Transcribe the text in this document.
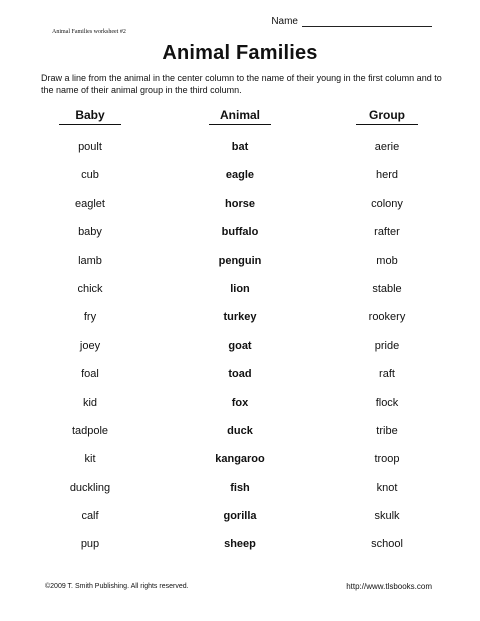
Name
Animal Families worksheet #2
Animal Families
Draw a line from the animal in the center column to the name of their young in the first column and to the name of their animal group in the third column.
Baby
poult
cub
eaglet
baby
lamb
chick
fry
joey
foal
kid
tadpole
kit
duckling
calf
pup
Animal
bat
eagle
horse
buffalo
penguin
lion
turkey
goat
toad
fox
duck
kangaroo
fish
gorilla
sheep
Group
aerie
herd
colony
rafter
mob
stable
rookery
pride
raft
flock
tribe
troop
knot
skulk
school
©2009 T. Smith Publishing. All rights reserved.	http://www.tlsbooks.com
